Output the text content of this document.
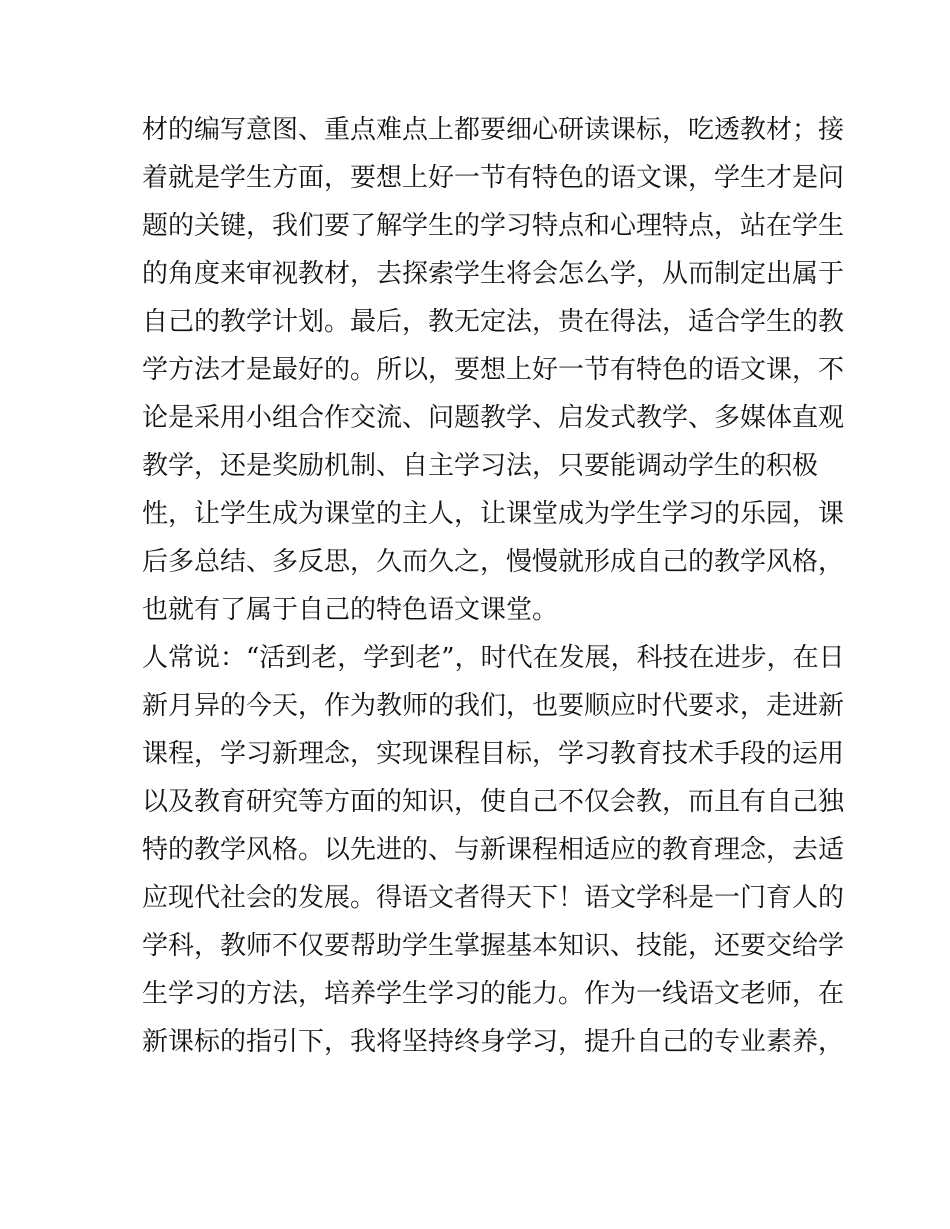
材的编写意图、重点难点上都要细心研读课标，吃透教材；接
着就是学生方面，要想上好一节有特色的语文课，学生才是问
题的关键，我们要了解学生的学习特点和心理特点，站在学生
的角度来审视教材，去探索学生将会怎么学，从而制定出属于
自己的教学计划。最后，教无定法，贵在得法，适合学生的教
学方法才是最好的。所以，要想上好一节有特色的语文课，不
论是采用小组合作交流、问题教学、启发式教学、多媒体直观
教学，还是奖励机制、自主学习法，只要能调动学生的积极
性，让学生成为课堂的主人，让课堂成为学生学习的乐园，课
后多总结、多反思，久而久之，慢慢就形成自己的教学风格，
也就有了属于自己的特色语文课堂。
人常说：“活到老，学到老”，时代在发展，科技在进步，在日
新月异的今天，作为教师的我们，也要顺应时代要求，走进新
课程，学习新理念，实现课程目标，学习教育技术手段的运用
以及教育研究等方面的知识，使自己不仅会教，而且有自己独
特的教学风格。以先进的、与新课程相适应的教育理念，去适
应现代社会的发展。得语文者得天下！语文学科是一门育人的
学科，教师不仅要帮助学生掌握基本知识、技能，还要交给学
生学习的方法，培养学生学习的能力。作为一线语文老师，在
新课标的指引下，我将坚持终身学习，提升自己的专业素养，
